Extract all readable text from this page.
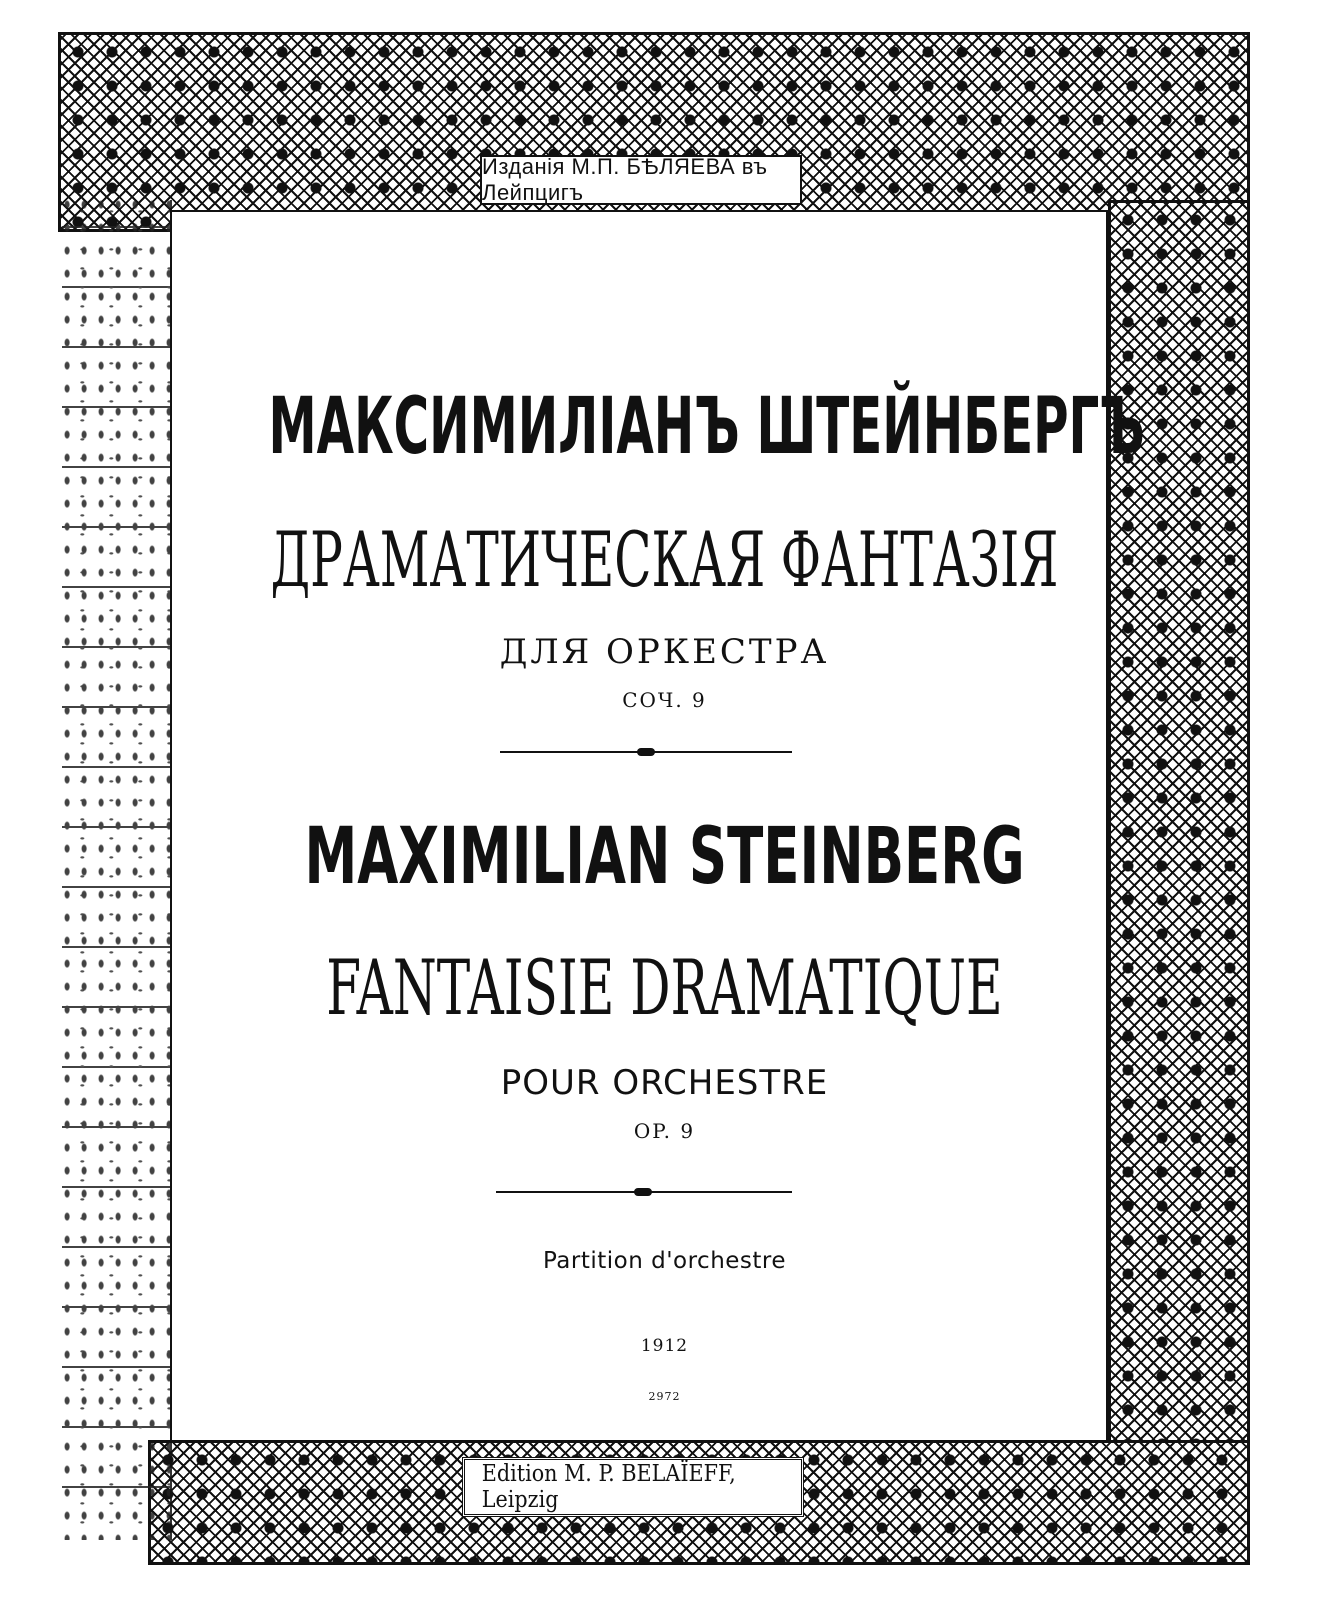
Изданія М.П. БѢЛЯЕВА въ Лейпцигъ
МАКСИМИЛІАНЪ ШТЕЙНБЕРГЪ
ДРАМАТИЧЕСКАЯ ФАНТАЗІЯ
ДЛЯ ОРКЕСТРА
СОЧ. 9
MAXIMILIAN STEINBERG
FANTAISIE DRAMATIQUE
POUR ORCHESTRE
OP. 9
Partition d'orchestre
1912
2972
Edition M. P. BELAÏEFF, Leipzig
